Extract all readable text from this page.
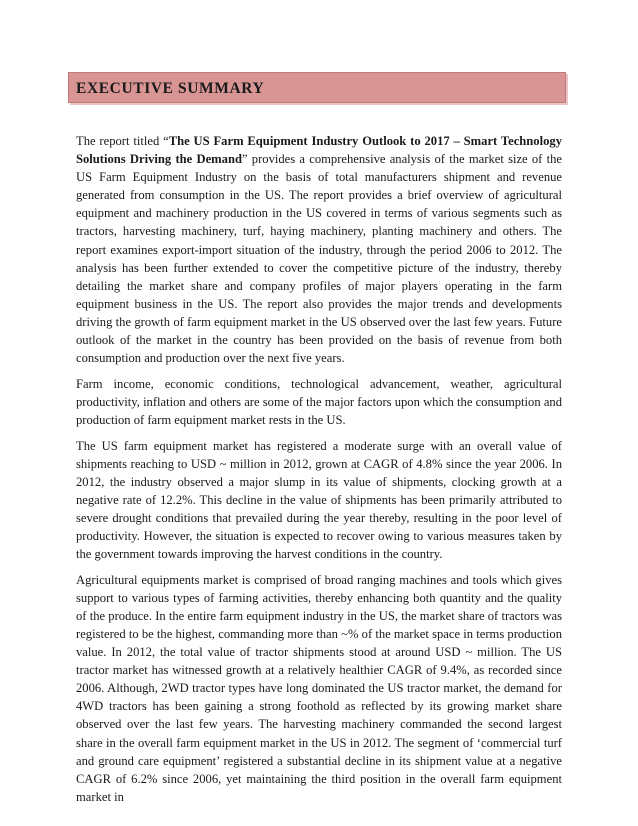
EXECUTIVE SUMMARY

The report titled “The US Farm Equipment Industry Outlook to 2017 – Smart Technology Solutions Driving the Demand” provides a comprehensive analysis of the market size of the US Farm Equipment Industry on the basis of total manufacturers shipment and revenue generated from consumption in the US. The report provides a brief overview of agricultural equipment and machinery production in the US covered in terms of various segments such as tractors, harvesting machinery, turf, haying machinery, planting machinery and others. The report examines export-import situation of the industry, through the period 2006 to 2012. The analysis has been further extended to cover the competitive picture of the industry, thereby detailing the market share and company profiles of major players operating in the farm equipment business in the US. The report also provides the major trends and developments driving the growth of farm equipment market in the US observed over the last few years. Future outlook of the market in the country has been provided on the basis of revenue from both consumption and production over the next five years.

Farm income, economic conditions, technological advancement, weather, agricultural productivity, inflation and others are some of the major factors upon which the consumption and production of farm equipment market rests in the US.

The US farm equipment market has registered a moderate surge with an overall value of shipments reaching to USD ~ million in 2012, grown at CAGR of 4.8% since the year 2006. In 2012, the industry observed a major slump in its value of shipments, clocking growth at a negative rate of 12.2%. This decline in the value of shipments has been primarily attributed to severe drought conditions that prevailed during the year thereby, resulting in the poor level of productivity. However, the situation is expected to recover owing to various measures taken by the government towards improving the harvest conditions in the country.

Agricultural equipments market is comprised of broad ranging machines and tools which gives support to various types of farming activities, thereby enhancing both quantity and the quality of the produce. In the entire farm equipment industry in the US, the market share of tractors was registered to be the highest, commanding more than ~% of the market space in terms production value. In 2012, the total value of tractor shipments stood at around USD ~ million. The US tractor market has witnessed growth at a relatively healthier CAGR of 9.4%, as recorded since 2006. Although, 2WD tractor types have long dominated the US tractor market, the demand for 4WD tractors has been gaining a strong foothold as reflected by its growing market share observed over the last few years. The harvesting machinery commanded the second largest share in the overall farm equipment market in the US in 2012. The segment of ‘commercial turf and ground care equipment’ registered a substantial decline in its shipment value at a negative CAGR of 6.2% since 2006, yet maintaining the third position in the overall farm equipment market in
